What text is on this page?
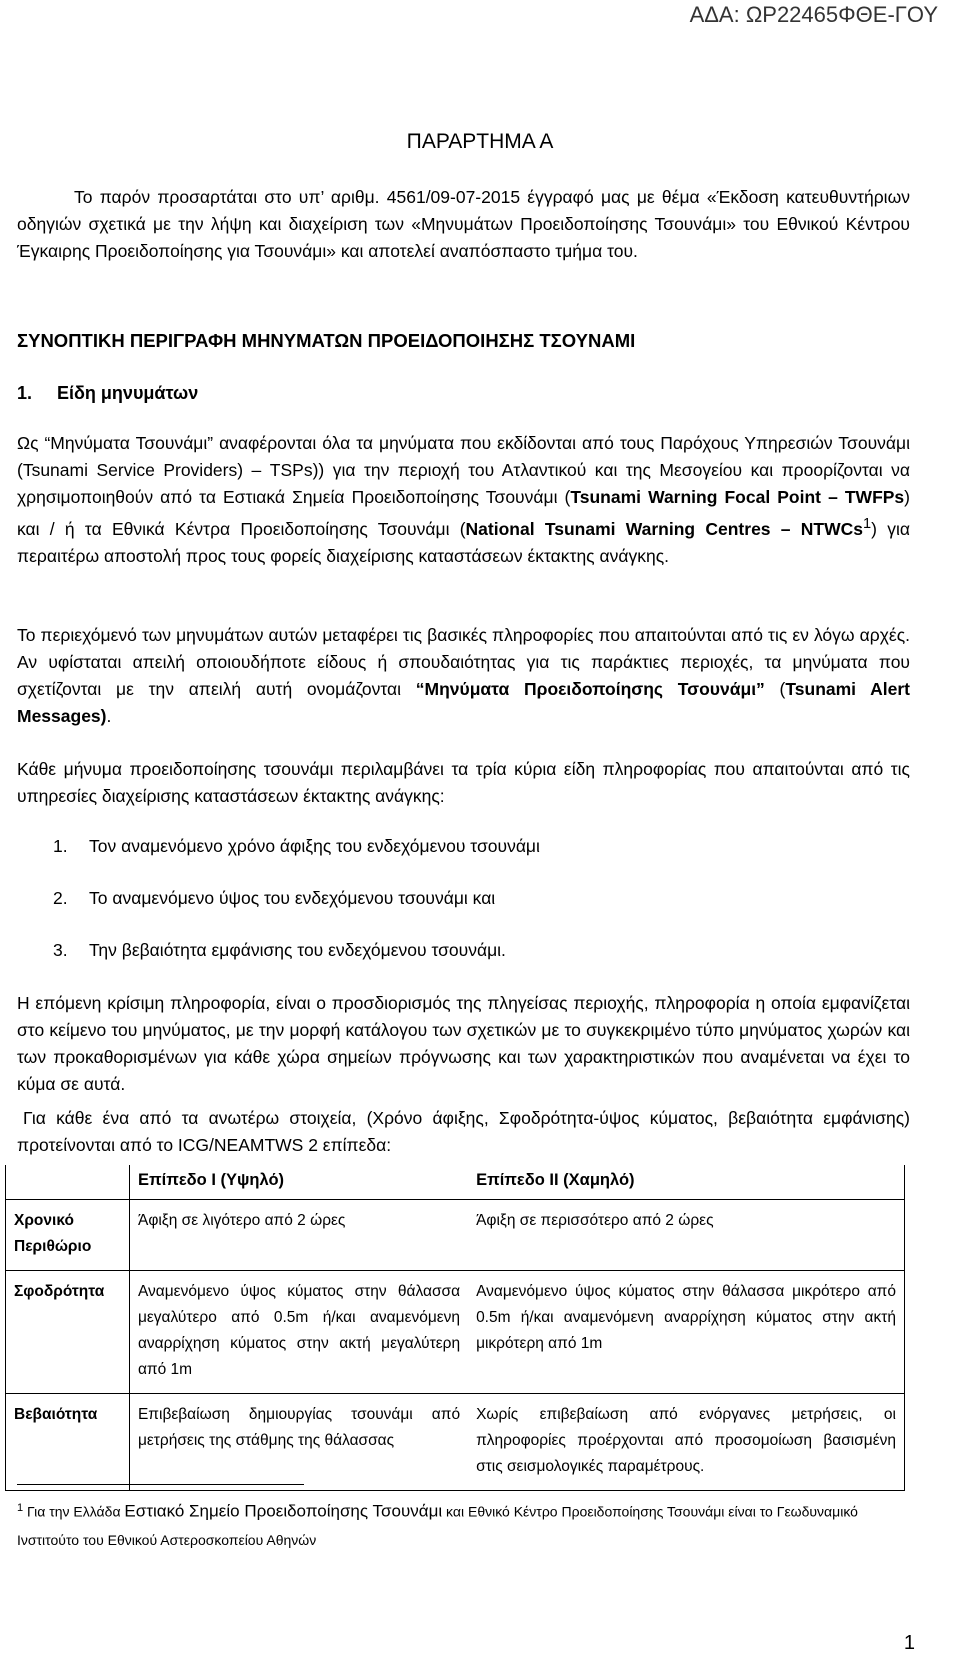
ΑΔΑ: ΩΡ22465ΦΘΕ-ΓΟΥ
ΠΑΡΑΡΤΗΜΑ Α

Το παρόν προσαρτάται στο υπ’ αριθμ. 4561/09-07-2015 έγγραφό μας με θέμα «Έκδοση κατευθυντήριων οδηγιών σχετικά με την λήψη και διαχείριση των «Μηνυμάτων Προειδοποίησης Τσουνάμι» του Εθνικού Κέντρου Έγκαιρης Προειδοποίησης για Τσουνάμι» και αποτελεί αναπόσπαστο τμήμα του.

ΣΥΝΟΠΤΙΚΗ ΠΕΡΙΓΡΑΦΗ ΜΗΝΥΜΑΤΩΝ ΠΡΟΕΙΔΟΠΟΙΗΣΗΣ ΤΣΟΥΝΑΜΙ
1. Είδη μηνυμάτων

Ως “Μηνύματα Τσουνάμι” αναφέρονται όλα τα μηνύματα που εκδίδονται από τους Παρόχους Υπηρεσιών Τσουνάμι (Tsunami Service Providers) – TSPs)) για την περιοχή του Ατλαντικού και της Μεσογείου και προορίζονται να χρησιμοποιηθούν από τα Εστιακά Σημεία Προειδοποίησης Τσουνάμι (Tsunami Warning Focal Point – TWFPs) και / ή τα Εθνικά Κέντρα Προειδοποίησης Τσουνάμι (National Tsunami Warning Centres – NTWCs$^1$) για περαιτέρω αποστολή προς τους φορείς διαχείρισης καταστάσεων έκτακτης ανάγκης.

Το περιεχόμενό των μηνυμάτων αυτών μεταφέρει τις βασικές πληροφορίες που απαιτούνται από τις εν λόγω αρχές. Αν υφίσταται απειλή οποιουδήποτε είδους ή σπουδαιότητας για τις παράκτιες περιοχές, τα μηνύματα που σχετίζονται με την απειλή αυτή ονομάζονται “Μηνύματα Προειδοποίησης Τσουνάμι” (Tsunami Alert Messages).

Κάθε μήνυμα προειδοποίησης τσουνάμι περιλαμβάνει τα τρία κύρια είδη πληροφορίας που απαιτούνται από τις υπηρεσίες διαχείρισης καταστάσεων έκτακτης ανάγκης:

1. Τον αναμενόμενο χρόνο άφιξης του ενδεχόμενου τσουνάμι
2. Το αναμενόμενο ύψος του ενδεχόμενου τσουνάμι και
3. Την βεβαιότητα εμφάνισης του ενδεχόμενου τσουνάμι.

Η επόμενη κρίσιμη πληροφορία, είναι ο προσδιορισμός της πληγείσας περιοχής, πληροφορία η οποία εμφανίζεται στο κείμενο του μηνύματος, με την μορφή κατάλογου των σχετικών με το συγκεκριμένο τύπο μηνύματος χωρών και των προκαθορισμένων για κάθε χώρα σημείων πρόγνωσης και των χαρακτηριστικών που αναμένεται να έχει το κύμα σε αυτά.

Για κάθε ένα από τα ανωτέρω στοιχεία, (Χρόνο άφιξης, Σφοδρότητα-ύψος κύματος, βεβαιότητα εμφάνισης) προτείνονται από το ICG/NEAMTWS 2 επίπεδα:

	Επίπεδο Ι (Υψηλό)	Επίπεδο ΙΙ (Χαμηλό)
Χρονικό Περιθώριο	Άφιξη σε λιγότερο από 2 ώρες	Άφιξη σε περισσότερο από 2 ώρες
Σφοδρότητα	Αναμενόμενο ύψος κύματος στην θάλασσα μεγαλύτερο από 0.5m ή/και αναμενόμενη αναρρίχηση κύματος στην ακτή μεγαλύτερη από 1m	Αναμενόμενο ύψος κύματος στην θάλασσα μικρότερο από 0.5m ή/και αναμενόμενη αναρρίχηση κύματος στην ακτή μικρότερη από 1m
Βεβαιότητα	Επιβεβαίωση δημιουργίας τσουνάμι από μετρήσεις της στάθμης της θάλασσας	Χωρίς επιβεβαίωση από ενόργανες μετρήσεις, οι πληροφορίες προέρχονται από προσομοίωση βασισμένη στις σεισμολογικές παραμέτρους.
$^1$ Για την Ελλάδα Εστιακό Σημείο Προειδοποίησης Τσουνάμι και Εθνικό Κέντρο Προειδοποίησης Τσουνάμι είναι το Γεωδυναμικό Ινστιτούτο του Εθνικού Αστεροσκοπείου Αθηνών
1
